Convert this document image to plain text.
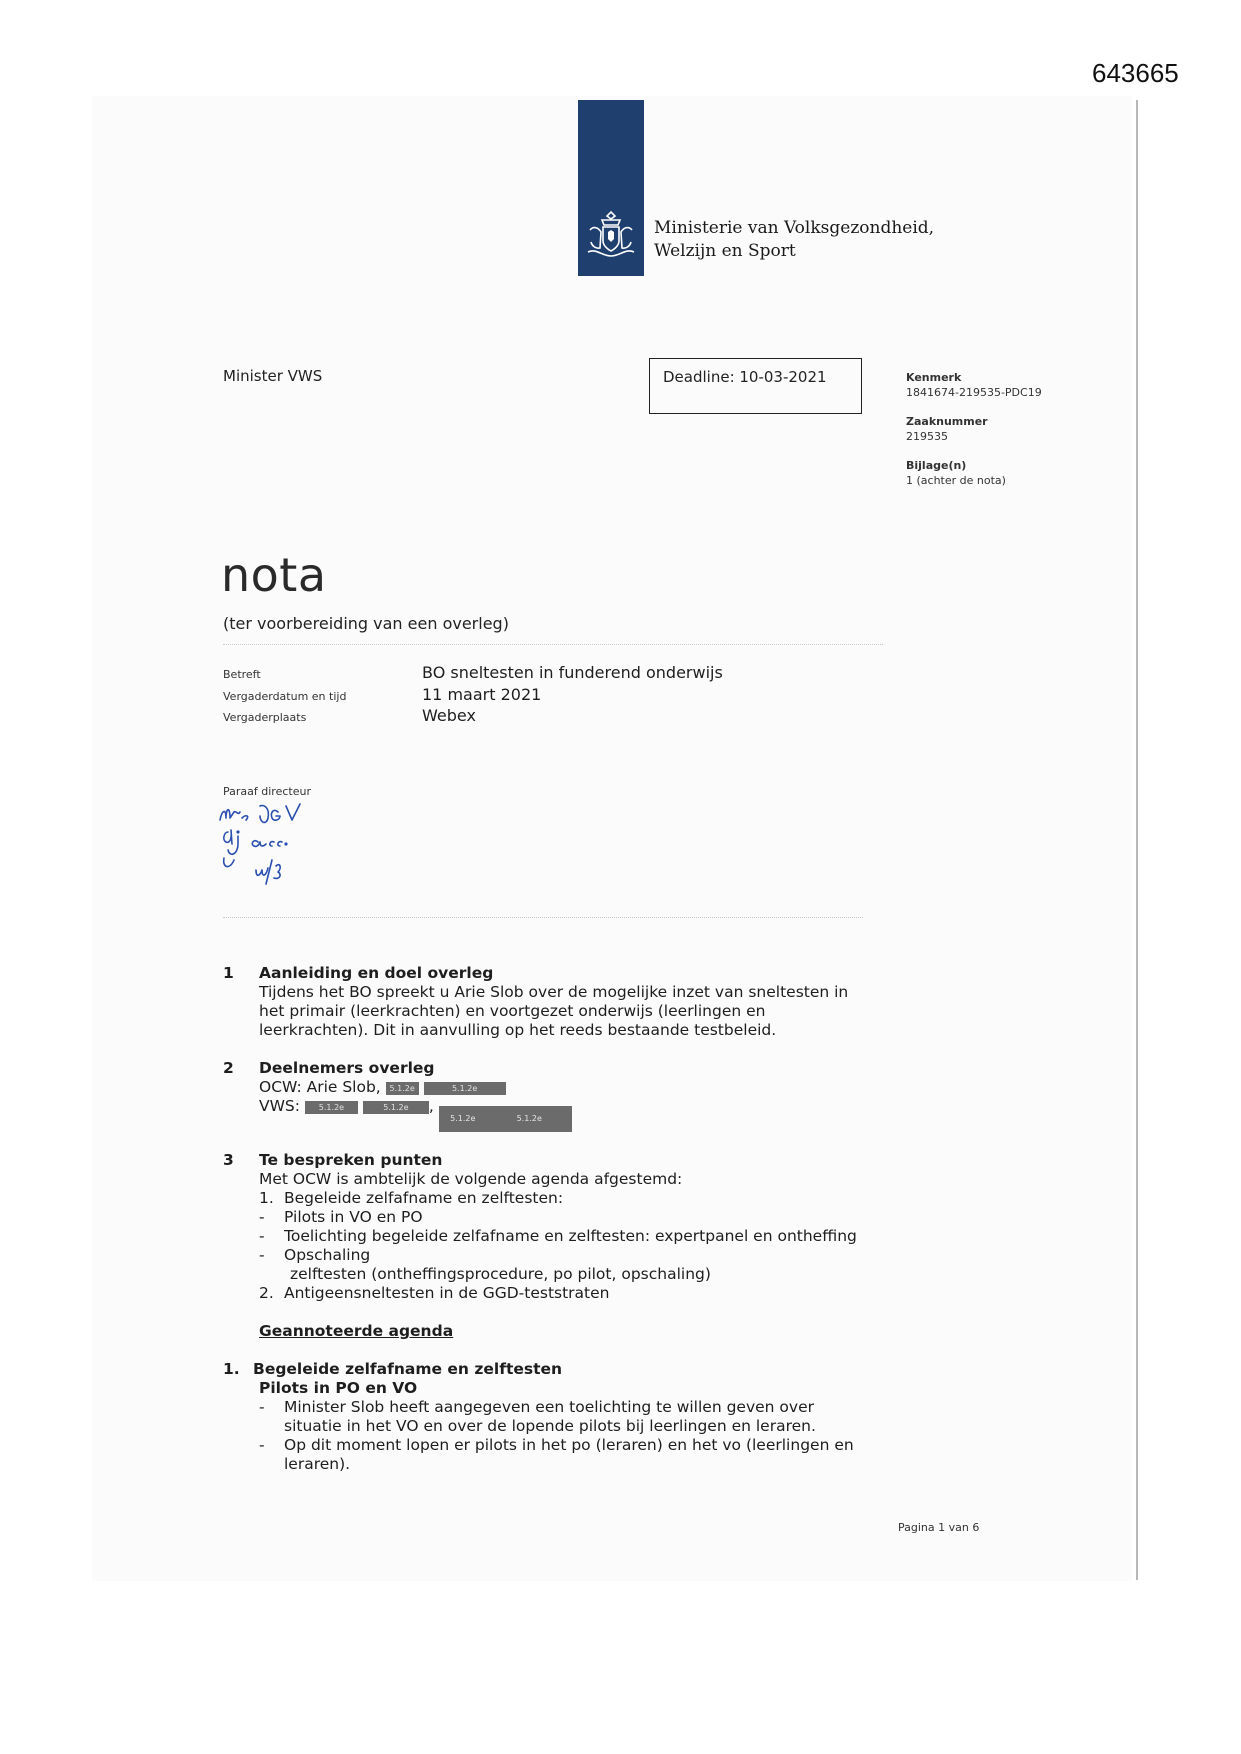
643665
Ministerie van Volksgezondheid,
Welzijn en Sport
Minister VWS	Deadline: 10-03-2021	Kenmerk
1841674-219535-PDC19
Zaaknummer
219535
Bijlage(n)
1 (achter de nota)
nota
(ter voorbereiding van een overleg)
Betreft	BO sneltesten in funderend onderwijs
Vergaderdatum en tijd	11 maart 2021
Vergaderplaats	Webex
Paraaf directeur
1 Aanleiding en doel overleg
Tijdens het BO spreekt u Arie Slob over de mogelijke inzet van sneltesten in
het primair (leerkrachten) en voortgezet onderwijs (leerlingen en
leerkrachten). Dit in aanvulling op het reeds bestaande testbeleid.
2 Deelnemers overleg
OCW: Arie Slob, 5.1.2e	5.1.2e
VWS: 5.1.2e	5.1.2e , 5.1.2e	5.1.2e
3 Te bespreken punten
Met OCW is ambtelijk de volgende agenda afgestemd:
1. Begeleide zelfafname en zelftesten:
-	Pilots in VO en PO
-	Toelichting begeleide zelfafname en zelftesten: expertpanel en ontheffing
-	Opschaling
zelftesten (ontheffingsprocedure, po pilot, opschaling)
2. Antigeensneltesten in de GGD-teststraten
Geannoteerde agenda
1. Begeleide zelfafname en zelftesten
Pilots in PO en VO
-	Minister Slob heeft aangegeven een toelichting te willen geven over
situatie in het VO en over de lopende pilots bij leerlingen en leraren.
-	Op dit moment lopen er pilots in het po (leraren) en het vo (leerlingen en
leraren).
Pagina 1 van 6
